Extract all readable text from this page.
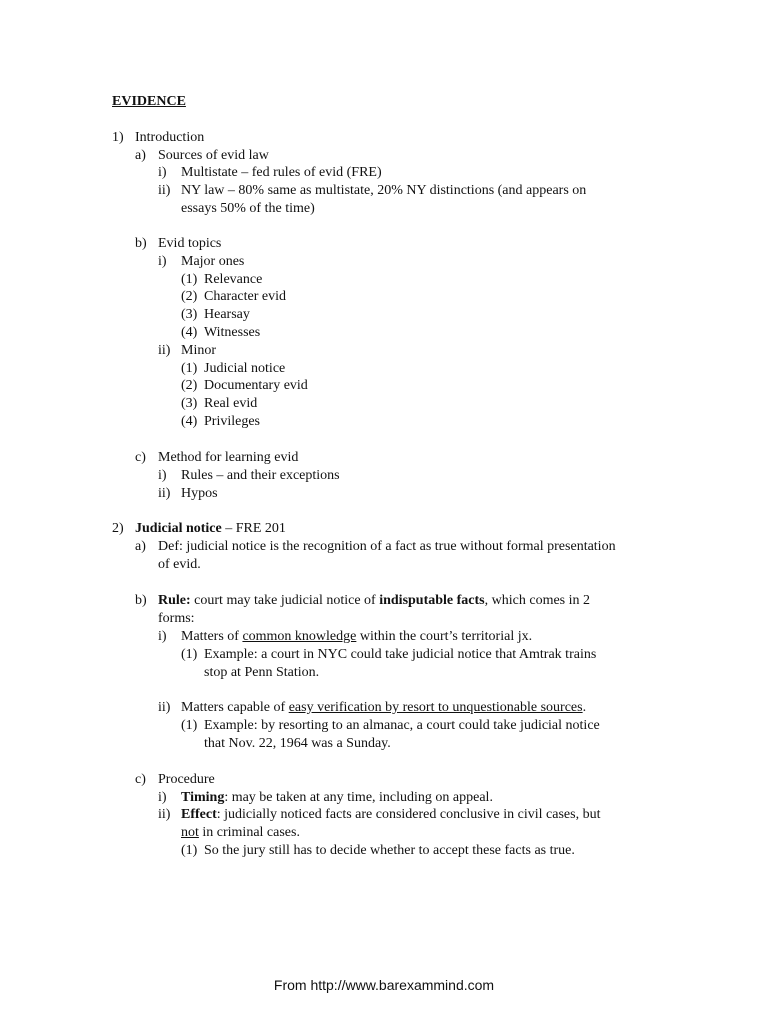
EVIDENCE
1) Introduction
a) Sources of evid law
i) Multistate – fed rules of evid (FRE)
ii) NY law – 80% same as multistate, 20% NY distinctions (and appears on
essays 50% of the time)
b) Evid topics
i) Major ones
(1) Relevance
(2) Character evid
(3) Hearsay
(4) Witnesses
ii) Minor
(1) Judicial notice
(2) Documentary evid
(3) Real evid
(4) Privileges
c) Method for learning evid
i) Rules – and their exceptions
ii) Hypos
2) Judicial notice – FRE 201
a) Def: judicial notice is the recognition of a fact as true without formal presentation
of evid.
b) Rule: court may take judicial notice of indisputable facts, which comes in 2
forms:
i) Matters of common knowledge within the court’s territorial jx.
(1) Example: a court in NYC could take judicial notice that Amtrak trains
stop at Penn Station.
ii) Matters capable of easy verification by resort to unquestionable sources.
(1) Example: by resorting to an almanac, a court could take judicial notice
that Nov. 22, 1964 was a Sunday.
c) Procedure
i) Timing: may be taken at any time, including on appeal.
ii) Effect: judicially noticed facts are considered conclusive in civil cases, but
not in criminal cases.
(1) So the jury still has to decide whether to accept these facts as true.
From http://www.barexammind.com
